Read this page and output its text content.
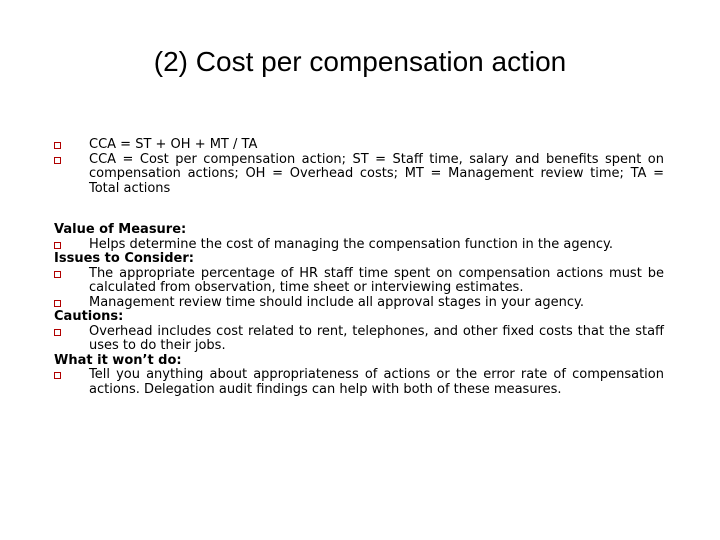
(2) Cost per compensation action
CCA = ST + OH + MT / TA
CCA = Cost per compensation action; ST = Staff time, salary and benefits spent on compensation actions; OH = Overhead costs; MT = Management review time; TA = Total actions
Value of Measure:
Helps determine the cost of managing the compensation function in the agency.
Issues to Consider:
The appropriate percentage of HR staff time spent on compensation actions must be calculated from observation, time sheet or interviewing estimates.
Management review time should include all approval stages in your agency.
Cautions:
Overhead includes cost related to rent, telephones, and other fixed costs that the staff uses to do their jobs.
What it won’t do:
Tell you anything about appropriateness of actions or the error rate of compensation actions. Delegation audit findings can help with both of these measures.
